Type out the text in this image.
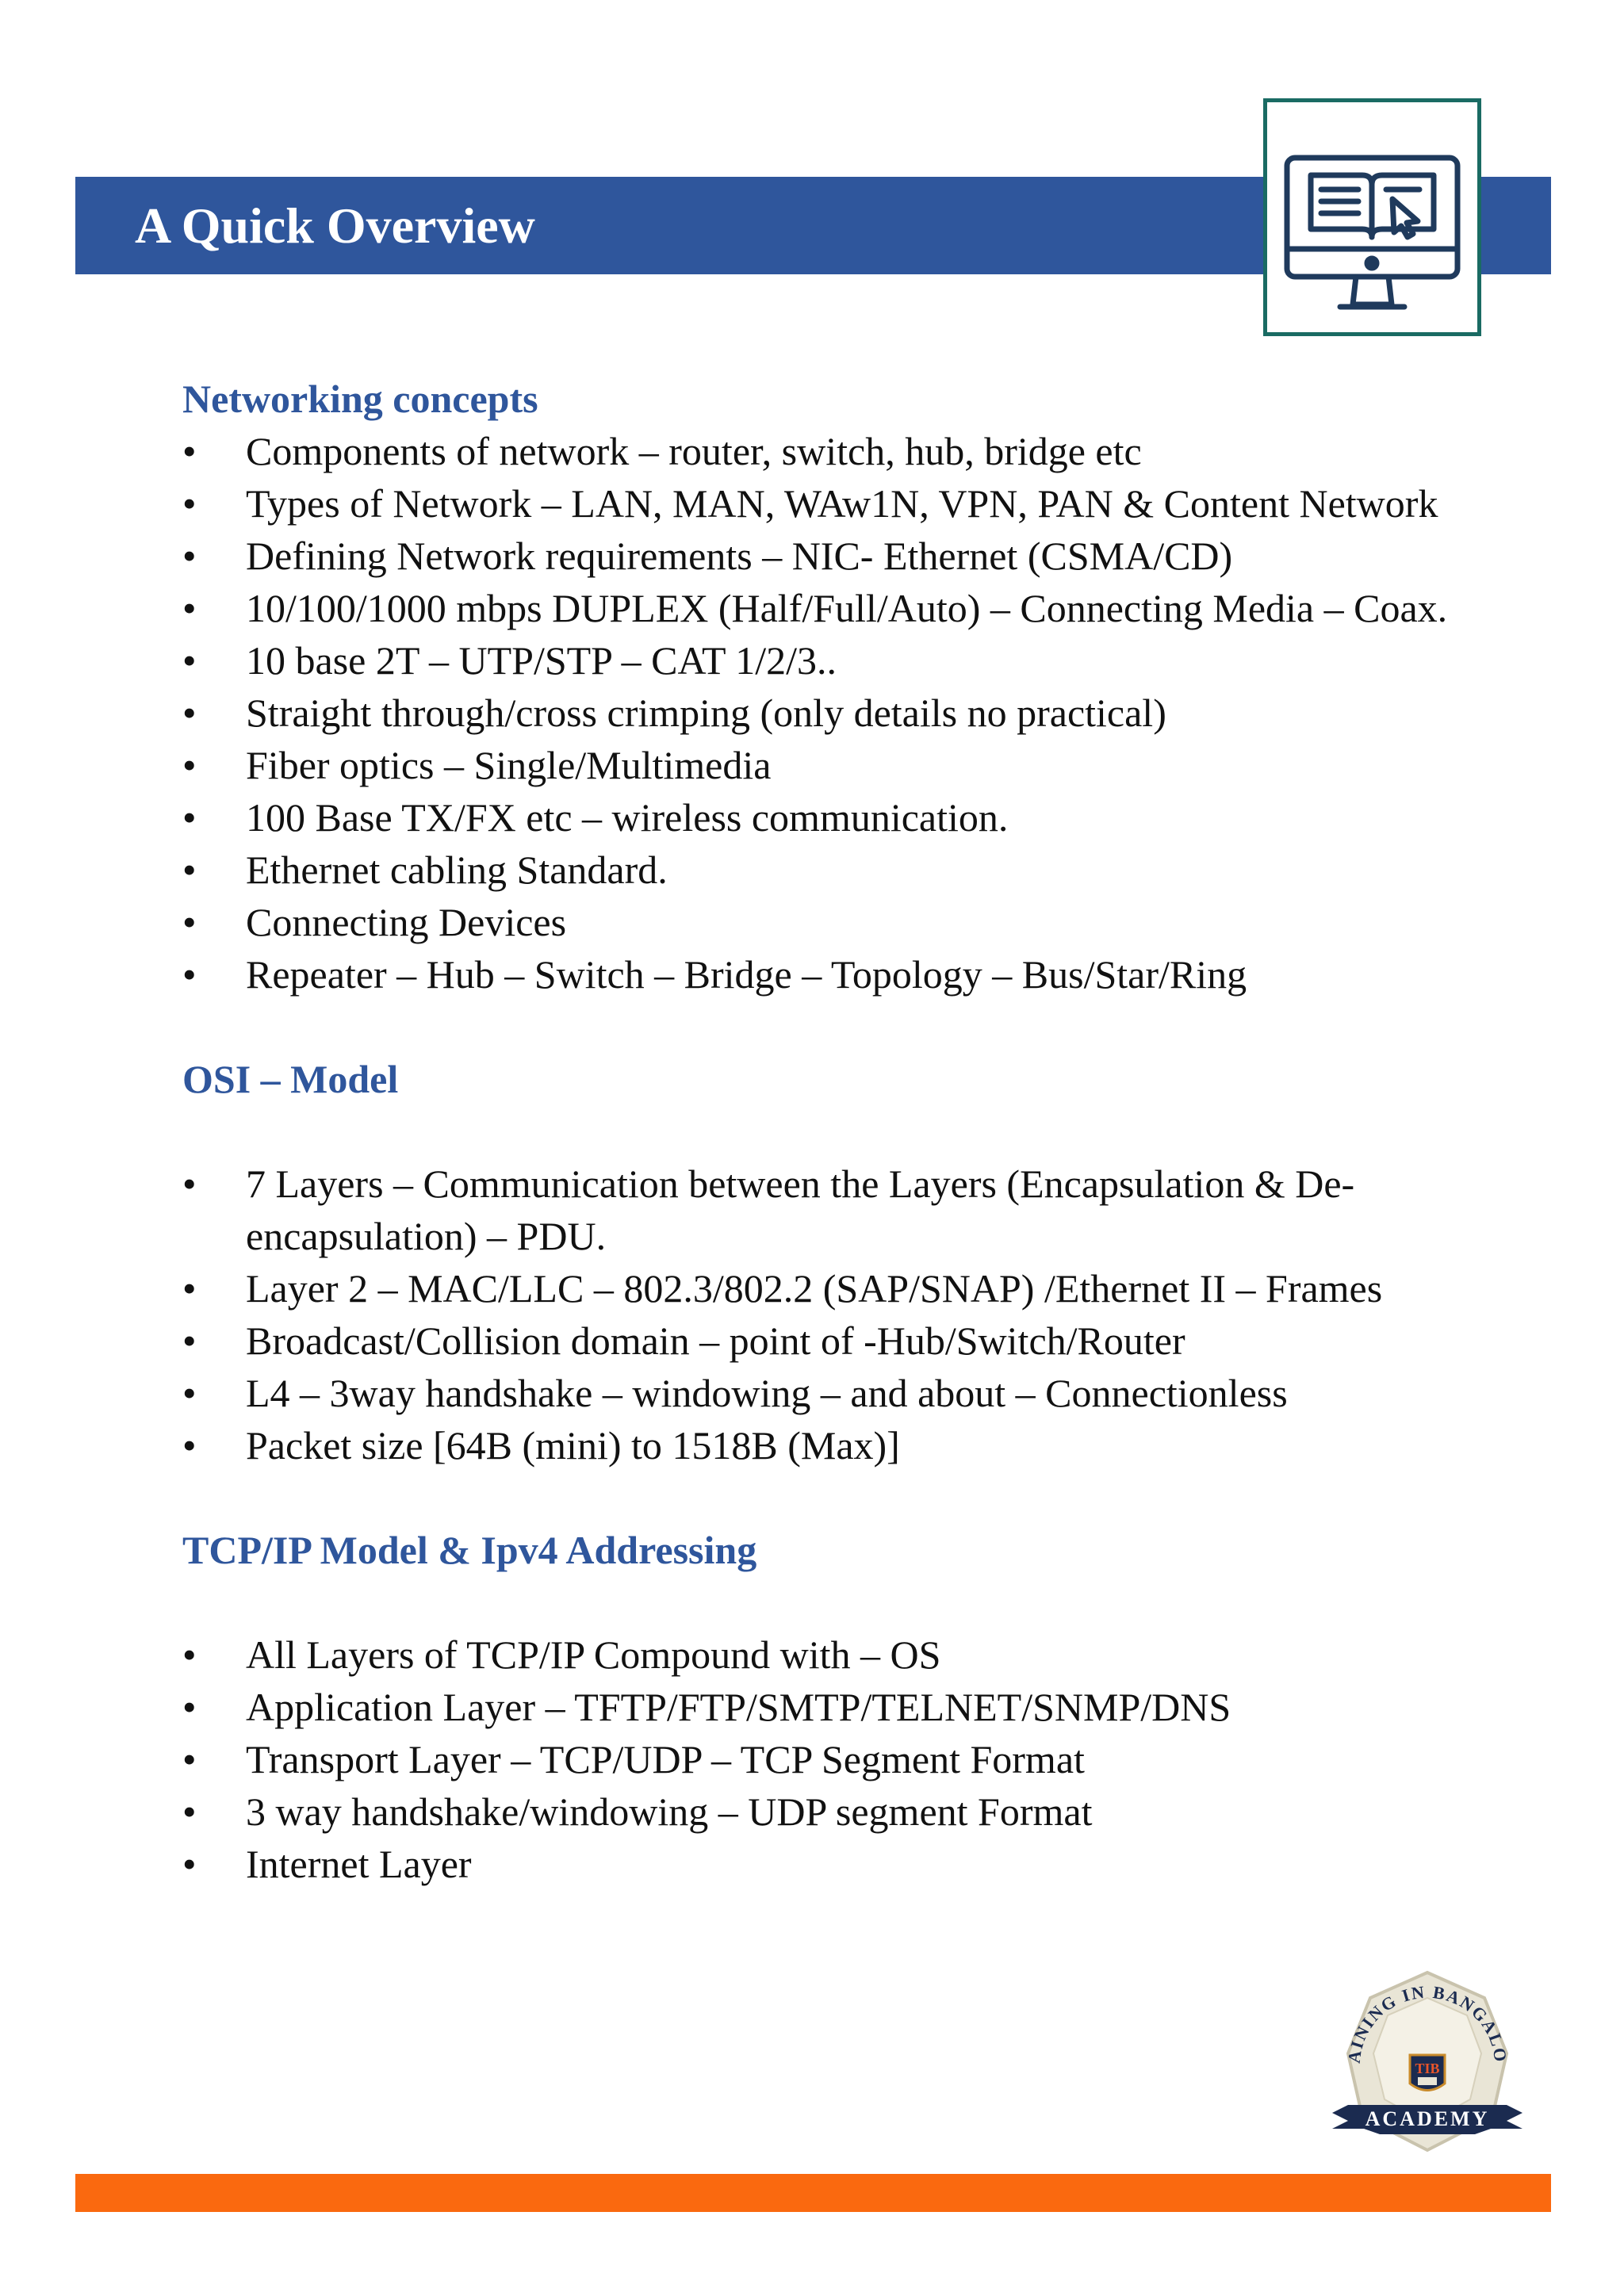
A Quick Overview
Networking concepts
• Components of network – router, switch, hub, bridge etc
• Types of Network – LAN, MAN, WAw1N, VPN, PAN & Content Network
• Defining Network requirements – NIC- Ethernet (CSMA/CD)
• 10/100/1000 mbps DUPLEX (Half/Full/Auto) – Connecting Media – Coax.
• 10 base 2T – UTP/STP – CAT 1/2/3..
• Straight through/cross crimping (only details no practical)
• Fiber optics – Single/Multimedia
• 100 Base TX/FX etc – wireless communication.
• Ethernet cabling Standard.
• Connecting Devices
• Repeater – Hub – Switch – Bridge – Topology – Bus/Star/Ring
OSI – Model
• 7 Layers – Communication between the Layers (Encapsulation & De-encapsulation) – PDU.
• Layer 2 – MAC/LLC – 802.3/802.2 (SAP/SNAP) /Ethernet II – Frames
• Broadcast/Collision domain – point of -Hub/Switch/Router
• L4 – 3way handshake – windowing – and about – Connectionless
• Packet size [64B (mini) to 1518B (Max)]
TCP/IP Model & Ipv4 Addressing
• All Layers of TCP/IP Compound with – OS
• Application Layer – TFTP/FTP/SMTP/TELNET/SNMP/DNS
• Transport Layer – TCP/UDP – TCP Segment Format
• 3 way handshake/windowing – UDP segment Format
• Internet Layer
AINING IN BANGALO
TIB
ACADEMY
